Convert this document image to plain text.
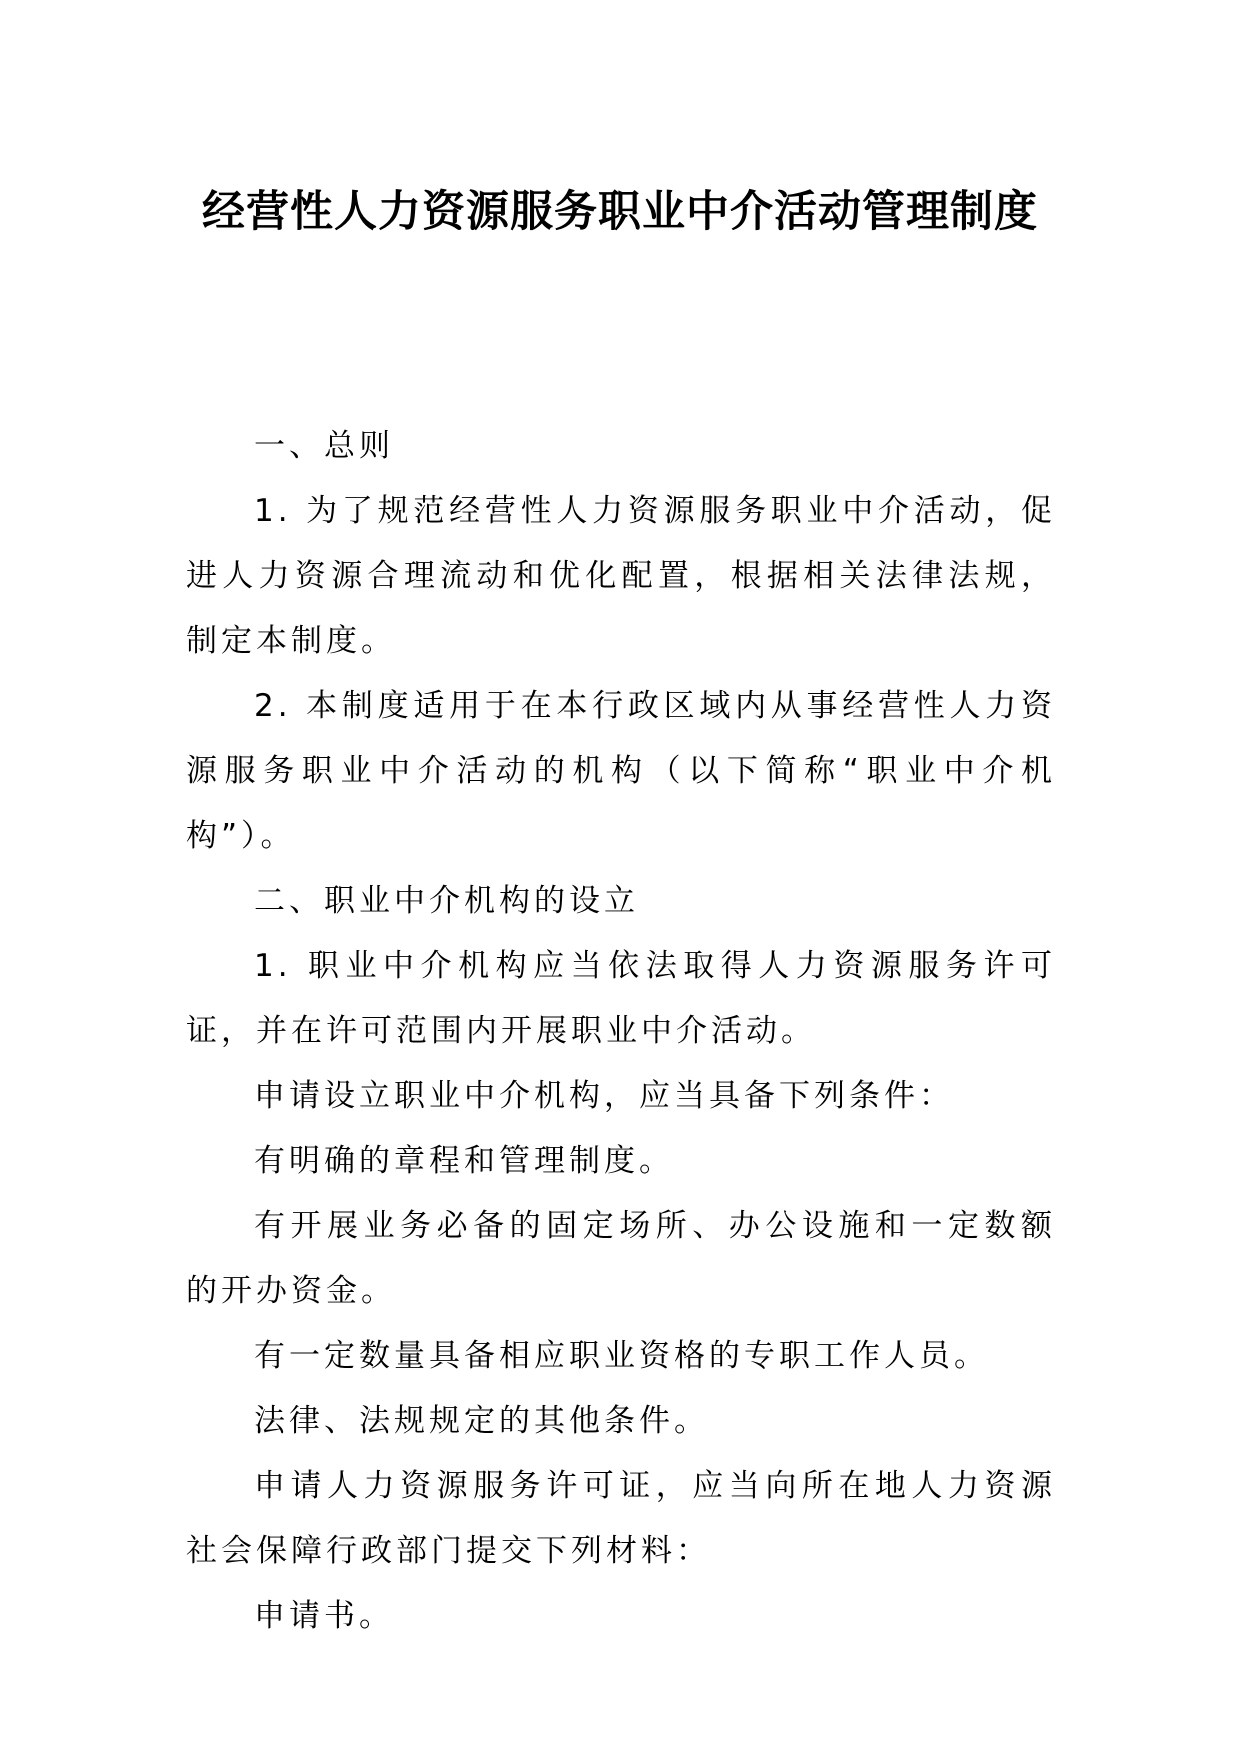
经营性人力资源服务职业中介活动管理制度

一、总则

1. 为了规范经营性人力资源服务职业中介活动，促进人力资源合理流动和优化配置，根据相关法律法规，制定本制度。

2. 本制度适用于在本行政区域内从事经营性人力资源服务职业中介活动的机构（以下简称“职业中介机构”）。

二、职业中介机构的设立

1. 职业中介机构应当依法取得人力资源服务许可证，并在许可范围内开展职业中介活动。

申请设立职业中介机构，应当具备下列条件：

有明确的章程和管理制度。

有开展业务必备的固定场所、办公设施和一定数额的开办资金。

有一定数量具备相应职业资格的专职工作人员。

法律、法规规定的其他条件。

申请人力资源服务许可证，应当向所在地人力资源社会保障行政部门提交下列材料：

申请书。
